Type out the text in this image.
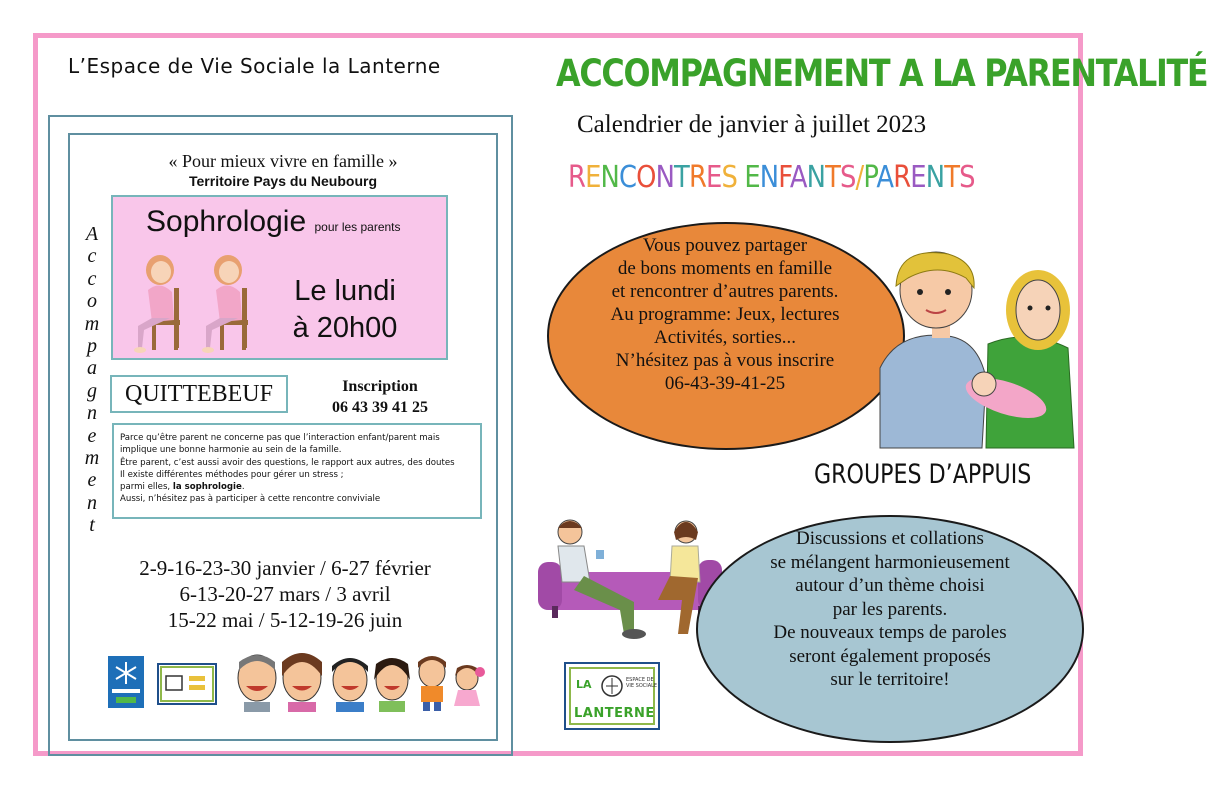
L’Espace de Vie Sociale la Lanterne
« Pour mieux vivre en famille »
Territoire Pays du Neubourg
Sophrologie pour les parents
Le lundi
à 20h00
A
c
c
o
m
p
a
g
n
e
m
e
n
t
QUITTEBEUF	Inscription
06 43 39 41 25
Parce qu’être parent ne concerne pas que l’interaction enfant/parent mais
implique une bonne harmonie au sein de la famille.
Être parent, c’est aussi avoir des questions, le rapport aux autres, des doutes
Il existe différentes méthodes pour gérer un stress ;
parmi elles, la sophrologie.
Aussi, n’hésitez pas à participer à cette rencontre conviviale
2-9-16-23-30 janvier / 6-27 février
6-13-20-27 mars / 3 avril
15-22 mai / 5-12-19-26 juin
ACCOMPAGNEMENT A LA PARENTALITÉ
Calendrier de janvier à juillet 2023
RENCONTRES ENFANTS/PARENTS
Vous pouvez partager
de bons moments en famille
et rencontrer d’autres parents.
Au programme: Jeux, lectures
Activités, sorties...
N’hésitez pas à vous inscrire
06-43-39-41-25
GROUPES D’APPUIS
Discussions et collations
se mélangent harmonieusement
autour d’un thème choisi
par les parents.
De nouveaux temps de paroles
seront également proposés
sur le territoire!
LA	ESPACE DE VIE SOCIALE
LANTERNE
